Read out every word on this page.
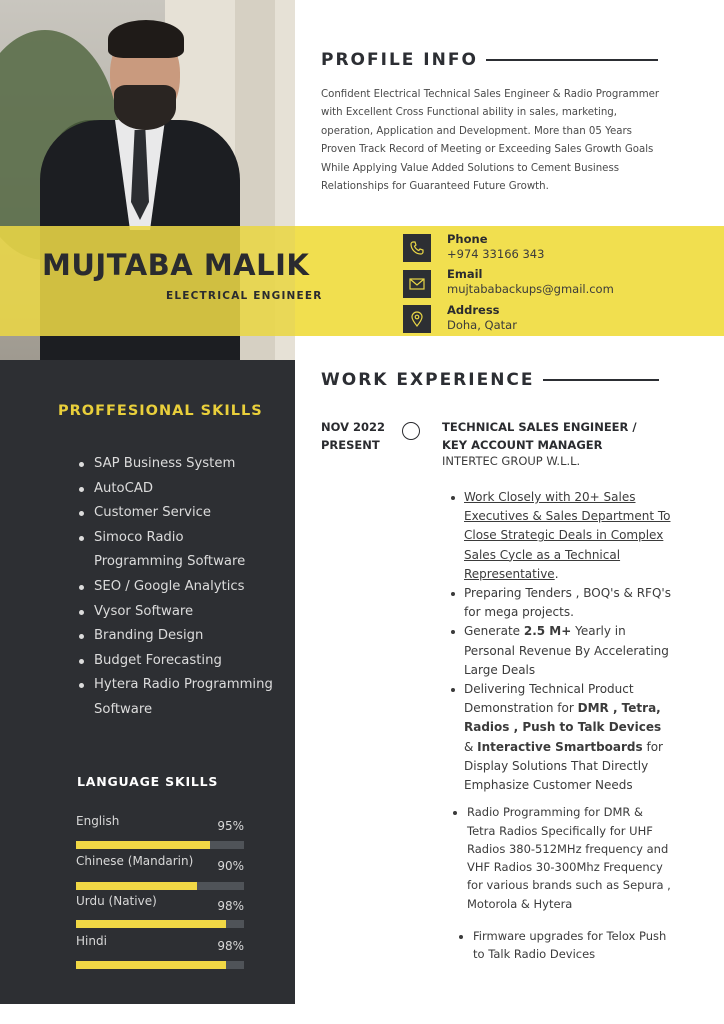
PROFILE INFO
Confident Electrical Technical Sales Engineer & Radio Programmer with Excellent Cross Functional ability in sales, marketing, operation, Application and Development. More than 05 Years Proven Track Record of Meeting or Exceeding Sales Growth Goals While Applying Value Added Solutions to Cement Business Relationships for Guaranteed Future Growth.
MUJTABA MALIK
ELECTRICAL ENGINEER
Phone
+974 33166 343
Email
mujtababackups@gmail.com
Address
Doha, Qatar
PROFFESIONAL SKILLS
SAP Business System
AutoCAD
Customer Service
Simoco Radio Programming Software
SEO / Google Analytics
Vysor Software
Branding Design
Budget Forecasting
Hytera Radio Programming Software
LANGUAGE SKILLS
English	95%
Chinese (Mandarin) 90%
Urdu (Native)	98%
Hindi	98%
WORK EXPERIENCE
NOV 2022
PRESENT
TECHNICAL SALES ENGINEER /
KEY ACCOUNT MANAGER
INTERTEC GROUP W.L.L.
Work Closely with 20+ Sales Executives & Sales Department To Close Strategic Deals in Complex Sales Cycle as a Technical Representative.
Preparing Tenders , BOQ's & RFQ's for mega projects.
Generate 2.5 M+ Yearly in Personal Revenue By Accelerating Large Deals
Delivering Technical Product Demonstration for DMR , Tetra, Radios , Push to Talk Devices & Interactive Smartboards for Display Solutions That Directly Emphasize Customer Needs
Radio Programming for DMR & Tetra Radios Specifically for UHF Radios 380-512MHz frequency and VHF Radios 30-300Mhz Frequency for various brands such as Sepura , Motorola & Hytera
Firmware upgrades for Telox Push to Talk Radio Devices
